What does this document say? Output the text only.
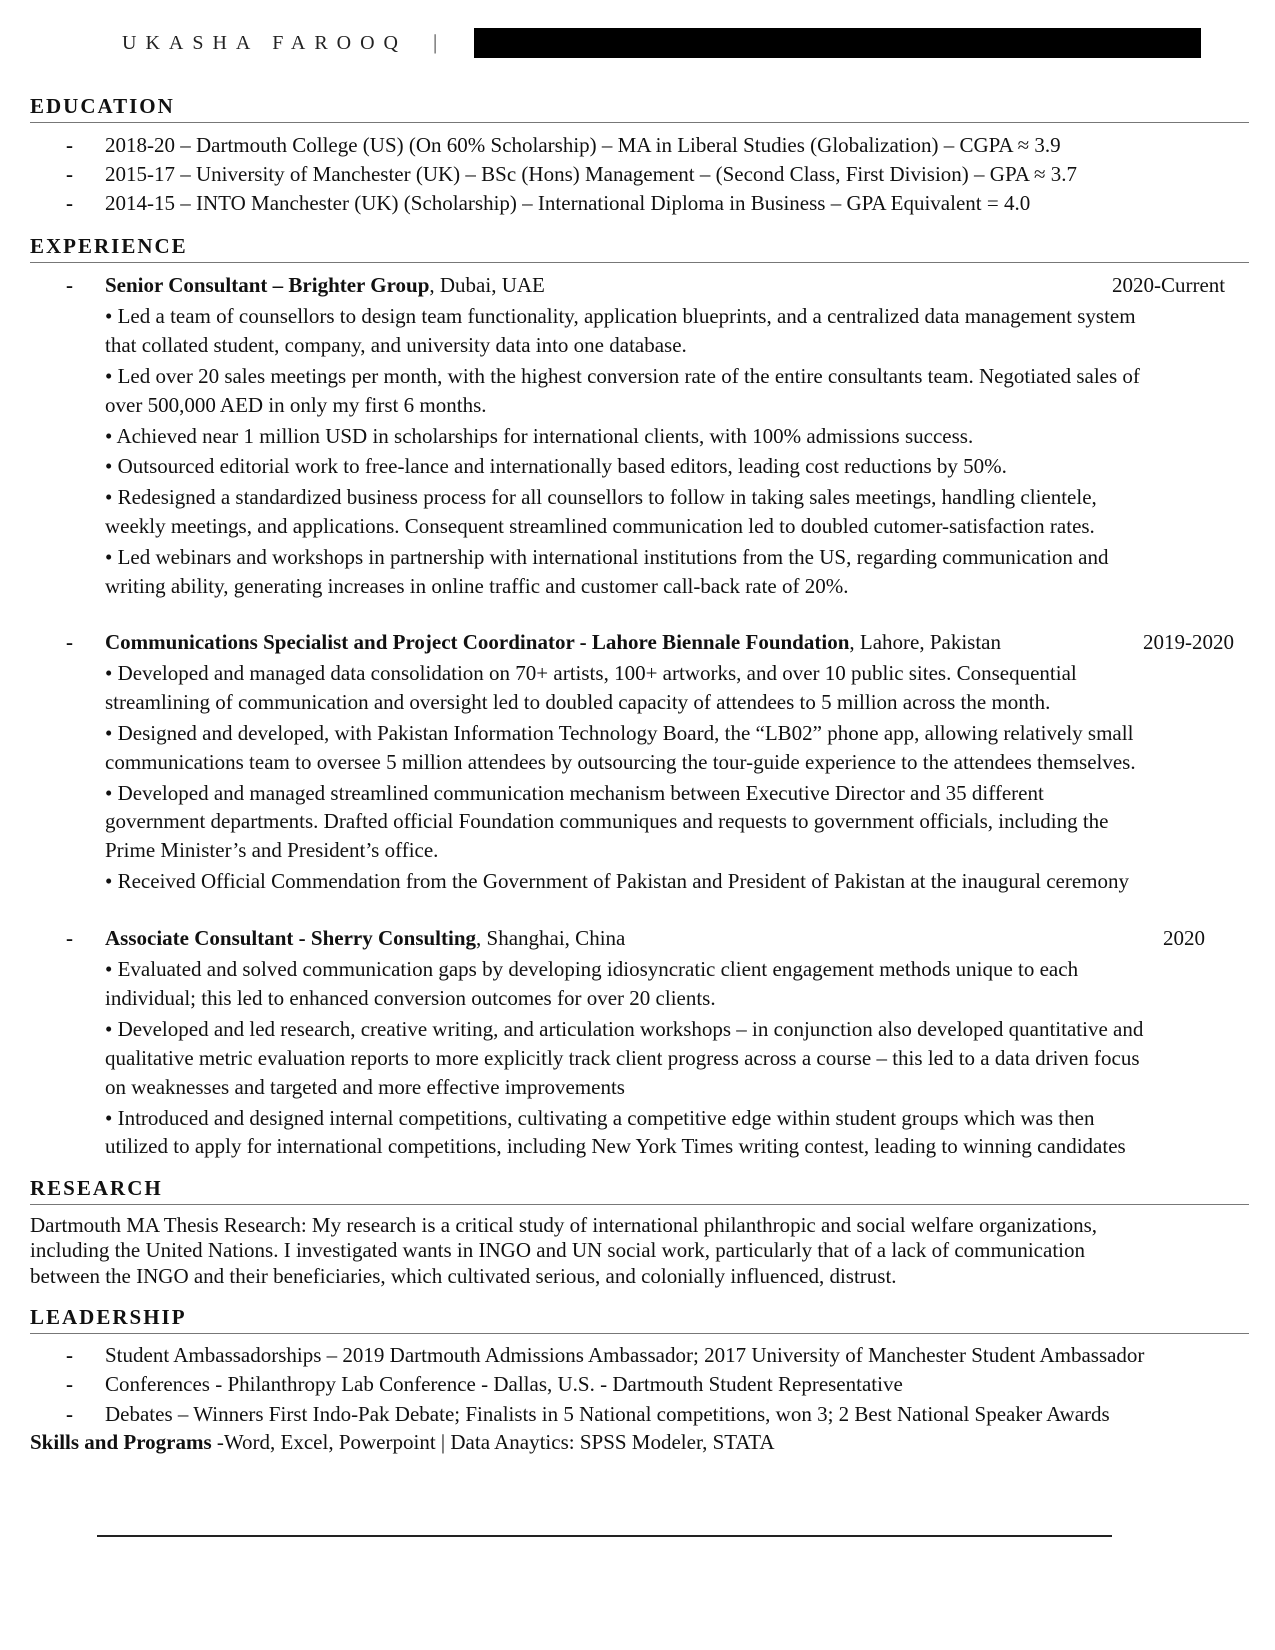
UKASHA FAROOQ |
EDUCATION
- 2018-20 – Dartmouth College (US) (On 60% Scholarship) – MA in Liberal Studies (Globalization) – CGPA ≈ 3.9
- 2015-17 – University of Manchester (UK) – BSc (Hons) Management – (Second Class, First Division) – GPA ≈ 3.7
- 2014-15 – INTO Manchester (UK) (Scholarship) – International Diploma in Business – GPA Equivalent = 4.0
EXPERIENCE
- Senior Consultant – Brighter Group, Dubai, UAE	2020-Current
• Led a team of counsellors to design team functionality, application blueprints, and a centralized data management system
that collated student, company, and university data into one database.
• Led over 20 sales meetings per month, with the highest conversion rate of the entire consultants team. Negotiated sales of
over 500,000 AED in only my first 6 months.
• Achieved near 1 million USD in scholarships for international clients, with 100% admissions success.
• Outsourced editorial work to free-lance and internationally based editors, leading cost reductions by 50%.
• Redesigned a standardized business process for all counsellors to follow in taking sales meetings, handling clientele,
weekly meetings, and applications. Consequent streamlined communication led to doubled cutomer-satisfaction rates.
• Led webinars and workshops in partnership with international institutions from the US, regarding communication and
writing ability, generating increases in online traffic and customer call-back rate of 20%.
- Communications Specialist and Project Coordinator - Lahore Biennale Foundation, Lahore, Pakistan	2019-2020
• Developed and managed data consolidation on 70+ artists, 100+ artworks, and over 10 public sites. Consequential
streamlining of communication and oversight led to doubled capacity of attendees to 5 million across the month.
• Designed and developed, with Pakistan Information Technology Board, the “LB02” phone app, allowing relatively small
communications team to oversee 5 million attendees by outsourcing the tour-guide experience to the attendees themselves.
• Developed and managed streamlined communication mechanism between Executive Director and 35 different
government departments. Drafted official Foundation communiques and requests to government officials, including the
Prime Minister’s and President’s office.
• Received Official Commendation from the Government of Pakistan and President of Pakistan at the inaugural ceremony
- Associate Consultant - Sherry Consulting, Shanghai, China	2020
• Evaluated and solved communication gaps by developing idiosyncratic client engagement methods unique to each
individual; this led to enhanced conversion outcomes for over 20 clients.
• Developed and led research, creative writing, and articulation workshops – in conjunction also developed quantitative and
qualitative metric evaluation reports to more explicitly track client progress across a course – this led to a data driven focus
on weaknesses and targeted and more effective improvements
• Introduced and designed internal competitions, cultivating a competitive edge within student groups which was then
utilized to apply for international competitions, including New York Times writing contest, leading to winning candidates
RESEARCH
Dartmouth MA Thesis Research: My research is a critical study of international philanthropic and social welfare organizations,
including the United Nations. I investigated wants in INGO and UN social work, particularly that of a lack of communication
between the INGO and their beneficiaries, which cultivated serious, and colonially influenced, distrust.
LEADERSHIP
- Student Ambassadorships – 2019 Dartmouth Admissions Ambassador; 2017 University of Manchester Student Ambassador
- Conferences - Philanthropy Lab Conference - Dallas, U.S. - Dartmouth Student Representative
- Debates – Winners First Indo-Pak Debate; Finalists in 5 National competitions, won 3; 2 Best National Speaker Awards
Skills and Programs -Word, Excel, Powerpoint | Data Anaytics: SPSS Modeler, STATA
